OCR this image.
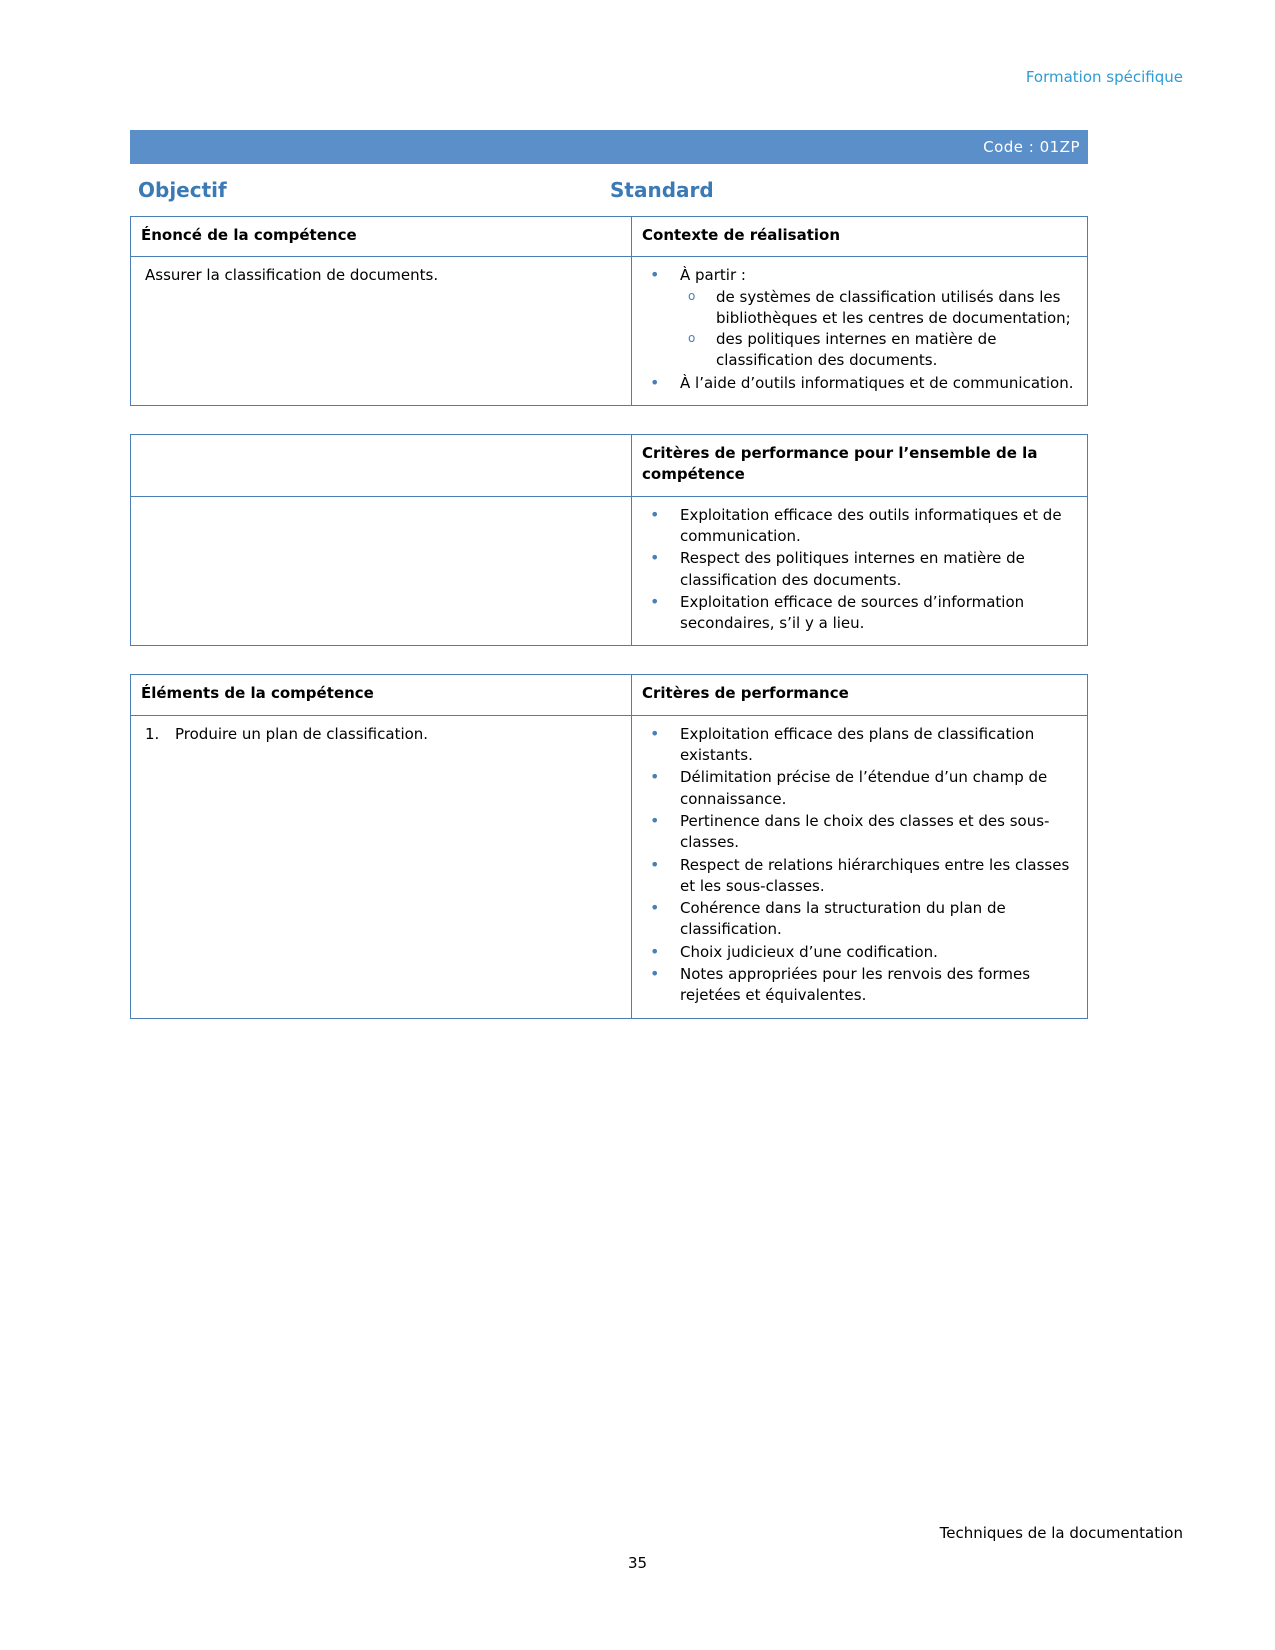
Formation spécifique
Code : 01ZP
Objectif	Standard
Énoncé de la compétence	Contexte de réalisation

Assurer la classification de documents.

•À partir :
o de systèmes de classification utilisés dans les bibliothèques et les centres de documentation;
o des politiques internes en matière de classification des documents.
• À l’aide d’outils informatiques et de communication.
	Critères de performance pour l’ensemble de la compétence

• Exploitation efficace des outils informatiques et de communication.
• Respect des politiques internes en matière de classification des documents.
• Exploitation efficace de sources d’information secondaires, s’il y a lieu.
Éléments de la compétence	Critères de performance

1. Produire un plan de classification.

•Exploitation efficace des plans de classification existants.
• Délimitation précise de l’étendue d’un champ de connaissance.
• Pertinence dans le choix des classes et des sous-classes.
• Respect de relations hiérarchiques entre les classes et les sous-classes.
• Cohérence dans la structuration du plan de classification.
• Choix judicieux d’une codification.
• Notes appropriées pour les renvois des formes rejetées et équivalentes.
Techniques de la documentation
35
